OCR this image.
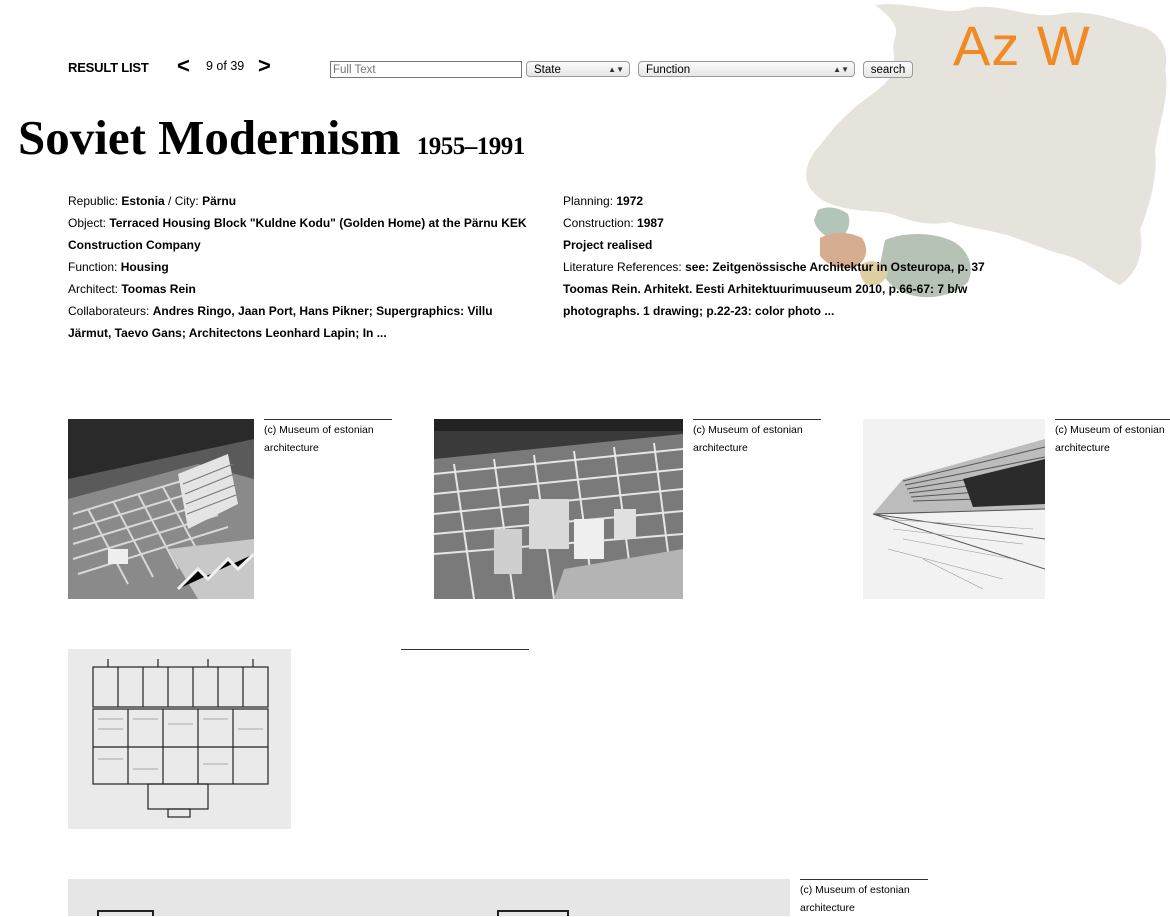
Az W
RESULT LIST < 9 of 39 >
Full Text	State	▲▼	Function	▲▼	search
Soviet Modernism 1955–1991
Republic: Estonia / City: Pärnu
Object: Terraced Housing Block "Kuldne Kodu" (Golden Home) at the Pärnu KEK
Construction Company
Function: Housing
Architect: Toomas Rein
Collaborateurs: Andres Ringo, Jaan Port, Hans Pikner; Supergraphics: Villu
Järmut, Taevo Gans; Architectons Leonhard Lapin; In ...
Planning: 1972
Construction: 1987
Project realised
Literature References: see: Zeitgenössische Architektur in Osteuropa, p. 37
Toomas Rein. Arhitekt. Eesti Arhitektuurimuuseum 2010, p.66-67: 7 b/w
photographs. 1 drawing; p.22-23: color photo ...
(c) Museum of estonian
architecture
(c) Museum of estonian
architecture
(c) Museum of estonian
architecture
(c) Museum of estonian
architecture
